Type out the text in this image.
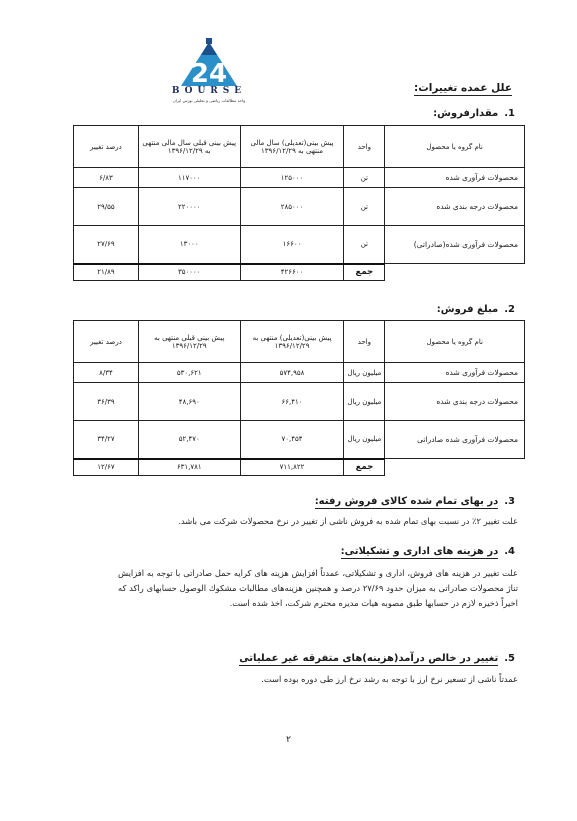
24
BOURSE
ﻭﺍﺣﺪ ﻣﻄﺎﻟﻌﺎﺕ ﺭﻳﺎﺿﻰ ﻭ ﺗﺤﻠﻴﻠﻰ ﺑﻮﺭﺱ ﺍﻳﺮﺍﻥ
ﻋﻠﻞ ﻋﻤﺪﻩ ﺗﻐﻴﻴﺮﺍﺕ:
1.ﻣﻘﺪﺍﺭﻓﺮﻭﺵ:
ﻧﺎﻡ ﮔﺮﻭﻩ ﻳﺎ ﻣﺤﺼﻮﻝ	ﻭﺍﺣﺪ	ﭘﻴﺶ ﺑﻴﻨﻰ(ﺗﻌﺪﻳﻠﻰ) ﺳﺎﻝ ﻣﺎﻟﻰ ﻣﻨﺘﻬﻰ ﺑﻪ ۱۳۹۶/۱۲/۲۹	ﭘﻴﺶ ﺑﻴﻨﻰ ﻗﺒﻠﻰ ﺳﺎﻝ ﻣﺎﻟﻰ ﻣﻨﺘﻬﻰ ﺑﻪ ۱۳۹۶/۱۲/۲۹	ﺩﺭﺻﺪ ﺗﻐﻴﻴﺮ
ﻣﺤﺼﻮﻻﺕ ﻓﺮﺁﻭﺭﻯ ﺷﺪﻩ	ﺗﻦ	۱۲۵۰۰۰	۱۱۷۰۰۰	۶/۸۳
ﻣﺤﺼﻮﻻﺕ ﺩﺭﺟﻪ ﺑﻨﺪﻯ ﺷﺪﻩ	ﺗﻦ	۲۸۵۰۰۰	۲۲۰۰۰۰	۲۹/۵۵
ﻣﺤﺼﻮﻻﺕ ﻓﺮﺁﻭﺭﻯ ﺷﺪﻩ(ﺻﺎﺩﺭﺍﺗﻰ)	ﺗﻦ	۱۶۶۰۰	۱۳۰۰۰	۲۷/۶۹
	ﺟﻤﻊ	۴۲۶۶۰۰	۳۵۰۰۰۰	۲۱/۸۹
2.ﻣﺒﻠﻎ ﻓﺮﻭﺵ:
ﻧﺎﻡ ﮔﺮﻭﻩ ﻳﺎ ﻣﺤﺼﻮﻝ	ﻭﺍﺣﺪ	ﭘﻴﺶ ﺑﻴﻨﻰ(ﺗﻌﺪﻳﻠﻰ) ﻣﻨﺘﻬﻰ ﺑﻪ ۱۳۹۶/۱۲/۲۹	ﭘﻴﺶ ﺑﻴﻨﻰ ﻗﺒﻠﻰ ﻣﻨﺘﻬﻰ ﺑﻪ ۱۳۹۶/۱۲/۲۹	ﺩﺭﺻﺪ ﺗﻐﻴﻴﺮ
ﻣﺤﺼﻮﻻﺕ ﻓﺮﺁﻭﺭﻯ ﺷﺪﻩ	ﻣﻴﻠﻴﻮﻥ ﺭﻳﺎﻝ	۵۷۴,۹۵۸	۵۳۰,۶۲۱	۸/۳۴
ﻣﺤﺼﻮﻻﺕ ﺩﺭﺟﻪ ﺑﻨﺪﻯ ﺷﺪﻩ	ﻣﻴﻠﻴﻮﻥ ﺭﻳﺎﻝ	۶۶,۴۱۰	۴۸,۶۹۰	۳۶/۳۹
ﻣﺤﺼﻮﻻﺕ ﻓﺮﺁﻭﺭﻯ ﺷﺪﻩ ﺻﺎﺩﺭﺍﺗﻰ	ﻣﻴﻠﻴﻮﻥ ﺭﻳﺎﻝ	۷۰,۴۵۴	۵۲,۴۷۰	۳۴/۲۷
	ﺟﻤﻊ	۷۱۱,۸۲۲	۶۳۱,۷۸۱	۱۲/۶۷
3.ﺩﺭ ﺑﻬﺎﻯ ﺗﻤﺎﻡ ﺷﺪﻩ ﻛﺎﻻﻯ ﻓﺮﻭﺵ ﺭﻓﺘﻪ:
ﻋﻠﺖ ﺗﻐﻴﻴﺮ ۲٪ ﺩﺭ ﻧﺴﺒﺖ ﺑﻬﺎﻯ ﺗﻤﺎﻡ ﺷﺪﻩ ﺑﻪ ﻓﺮﻭﺵ ﻧﺎﺷﻰ ﺍﺯ ﺗﻐﻴﻴﺮ ﺩﺭ ﻧﺮﺥ ﻣﺤﺼﻮﻻﺕ ﺷﺮﻛﺖ ﻣﻰ ﺑﺎﺷﺪ.
4.ﺩﺭ ﻫﺰﻳﻨﻪ ﻫﺎﻯ ﺍﺩﺍﺭﻯ ﻭ ﺗﺸﻜﻴﻼﺗﻰ:
ﻋﻠﺖ ﺗﻐﻴﻴﺮ ﺩﺭ ﻫﺰﻳﻨﻪ ﻫﺎﻯ ﻓﺮﻭﺵ، ﺍﺩﺍﺭﻯ ﻭ ﺗﺸﻜﻴﻼﺗﻰ، ﻋﻤﺪﺗﺎً ﺍﻓﺰﺍﻳﺶ ﻫﺰﻳﻨﻪ ﻫﺎﻯ ﻛﺮﺍﻳﻪ ﺣﻤﻞ ﺻﺎﺩﺭﺍﺗﻰ ﺑﺎ ﺗﻮﺟﻪ ﺑﻪ ﺍﻓﺰﺍﻳﺶ ﺗﻨﺎﮊ ﻣﺤﺼﻮﻻﺕ ﺻﺎﺩﺭﺍﺗﻰ ﺑﻪ ﻣﻴﺰﺍﻥ ﺣﺪﻭﺩ ۲۷/۶۹ ﺩﺭﺻﺪ ﻭ ﻫﻤﭽﻨﻴﻦ ﻫﺰﻳﻨﻪﻫﺎﻯ ﻣﻄﺎﻟﺒﺎﺕ ﻣﺸﻜﻮﻙ ﺍﻟﻮﺻﻮﻝ ﺣﺴﺎﺑﻬﺎﻯ ﺭﺍﻛﺪ ﻛﻪ ﺍﺧﻴﺮﺍً ﺫﺧﻴﺮﻩ ﻻﺯﻡ ﺩﺭ ﺣﺴﺎﺑﻬﺎ ﻃﺒﻖ ﻣﺼﻮﺑﻪ ﻫﻴﺎﺕ ﻣﺪﻳﺮﻩ ﻣﺤﺘﺮﻡ ﺷﺮﻛﺖ، ﺍﺧﺬ ﺷﺪﻩ ﺍﺳﺖ.
5.ﺗﻐﻴﻴﺮ ﺩﺭ ﺧﺎﻟﺺ ﺩﺭﺁﻣﺪ(ﻫﺰﻳﻨﻪ)ﻫﺎﻯ ﻣﺘﻔﺮﻗﻪ ﻏﻴﺮ ﻋﻤﻠﻴﺎﺗﻰ
ﻋﻤﺪﺗﺎً ﻧﺎﺷﻰ ﺍﺯ ﺗﺴﻌﻴﺮ ﻧﺮﺥ ﺍﺭﺯ ﺑﺎ ﺗﻮﺟﻪ ﺑﻪ ﺭﺷﺪ ﻧﺮﺥ ﺍﺭﺯ ﻃﻰ ﺩﻭﺭﻩ ﺑﻮﺩﻩ ﺍﺳﺖ.
۲
